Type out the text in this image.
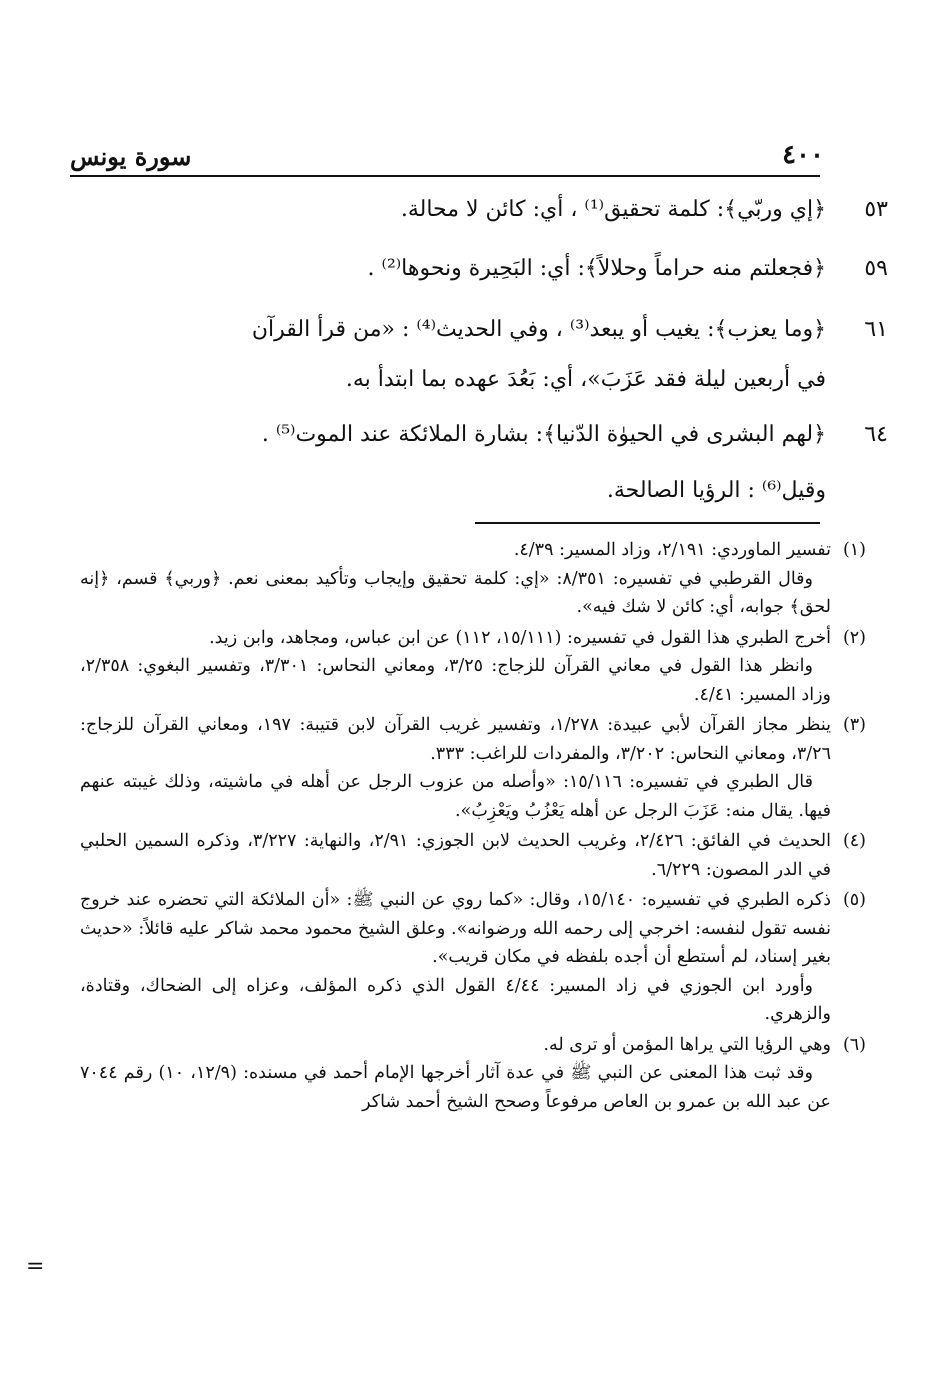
٤٠٠
سورة يونس
٥٣
﴿إي وربّي﴾: كلمة تحقيق⁽¹⁾ ، أي: كائن لا محالة.
٥٩
﴿فجعلتم منه حراماً وحلالاً﴾: أي: البَحِيرة ونحوها⁽²⁾ .
٦١
﴿وما يعزب﴾: يغيب أو يبعد⁽³⁾ ، وفي الحديث⁽⁴⁾ : «من قرأ القرآن
في أربعين ليلة فقد عَزَبَ»، أي: بَعُدَ عهده بما ابتدأ به.
٦٤
﴿لهم البشرى في الحيوٰة الدّنيا﴾: بشارة الملائكة عند الموت⁽⁵⁾ .
وقيل⁽⁶⁾ : الرؤيا الصالحة.
(١)

تفسير الماوردي: ٢/١٩١، وزاد المسير: ٤/٣٩.

وقال القرطبي في تفسيره: ٨/٣٥١: «إي: كلمة تحقيق وإيجاب وتأكيد بمعنى نعم. ﴿وربي﴾ قسم، ﴿إنه لحق﴾ جوابه، أي: كائن لا شك فيه».

(٢)

أخرج الطبري هذا القول في تفسيره: (١٥/١١١، ١١٢) عن ابن عباس، ومجاهد، وابن زيد.

وانظر هذا القول في معاني القرآن للزجاج: ٣/٢٥، ومعاني النحاس: ٣/٣٠١، وتفسير البغوي: ٢/٣٥٨، وزاد المسير: ٤/٤١.

(٣)

ينظر مجاز القرآن لأبي عبيدة: ١/٢٧٨، وتفسير غريب القرآن لابن قتيبة: ١٩٧، ومعاني القرآن للزجاج: ٣/٢٦، ومعاني النحاس: ٣/٢٠٢، والمفردات للراغب: ٣٣٣.

قال الطبري في تفسيره: ١٥/١١٦: «وأصله من عزوب الرجل عن أهله في ماشيته، وذلك غيبته عنهم فيها. يقال منه: عَزَبَ الرجل عن أهله يَعْزُبُ ويَعْزِبُ».

(٤)

الحديث في الفائق: ٢/٤٢٦، وغريب الحديث لابن الجوزي: ٢/٩١، والنهاية: ٣/٢٢٧، وذكره السمين الحلبي في الدر المصون: ٦/٢٢٩.

(٥)

ذكره الطبري في تفسيره: ١٥/١٤٠، وقال: «كما روي عن النبي ﷺ: «أن الملائكة التي تحضره عند خروج نفسه تقول لنفسه: اخرجي إلى رحمه الله ورضوانه». وعلق الشيخ محمود محمد شاكر عليه قائلاً: «حديث بغير إسناد، لم أستطع أن أجده بلفظه في مكان قريب».

وأورد ابن الجوزي في زاد المسير: ٤/٤٤ القول الذي ذكره المؤلف، وعزاه إلى الضحاك، وقتادة، والزهري.

(٦)

وهي الرؤيا التي يراها المؤمن أو ترى له.

وقد ثبت هذا المعنى عن النبي ﷺ في عدة آثار أخرجها الإمام أحمد في مسنده: (١٢/٩، ١٠) رقم ٧٠٤٤ عن عبد الله بن عمرو بن العاص مرفوعاً وصحح الشيخ أحمد شاكر

=
